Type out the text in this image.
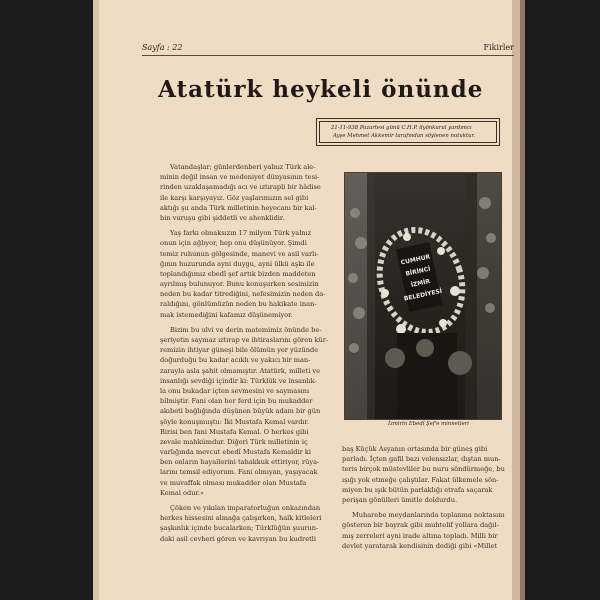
Sayfa : 22	Fikirler
Atatürk heykeli önünde
21-11-938 Pazartesi günü C.H.P. ilyönkurul yardımcı
Ayşe Mehmet Akkemir tarafından söylenen nutuktur.

Vatandaşlar; günlerdenberi yalnız Türk ale-
minin değil insan ve medeniyet dünyasının tesi-
rinden uzaklaşamadığı acı ve ıztırapli bir hâdise
ile karşı karşıyayız. Göz yaşlarımızın sel gibi
aktığı şu anda Türk milletinin heyecanı bir kal-
bin vuruşu gibi şiddetli ve ahenklidir.

Yaş farkı olmaksızın 17 milyon Türk yalnız
onun için ağlıyor, hep onu düşünüyor. Şimdi
temiz ruhunun gölgesinde, manevi ve asil varlı-
ğının huzurunda ayni duygu, ayni ülkü aşkı ile
toplandığımız ebedî şef artık bizden maddeten
ayrılmış bulunuyor. Bunu konuşurken sesimizin
neden bu kadar titrediğini, nefesimizin neden da-
raldığını, gönlümüzün neden bu hakikate inan-
mak istemediğini kafamız düşünemiyor.

Bizim bu ulvi ve derin matemimiz önünde be-
şeriyetin saymaz ıztırap ve ihtiraslarını gören kür-
remizin ihtiyar güneşi bile ölümün yer yüzünde
doğurduğu bu kadar acıklı ve yakıcı bir man-
zarayla asla şahit olmamıştır. Atatürk, milleti ve
insanlığı sevdiği içindir ki: Türklük ve insanlık-
la onu bukadar içten sevmesini ve saymasını
bilmiştir. Fani olan her ferd için bu mukadder
akıbeti bağlığında düşünen büyük adam bir gün
şöyle konuşmuştu: İki Mustafa Kemal vardır.
Birisi ben fani Mustafa Kemal. O herkes gibi
zevale mahkûmdur. Diğeri Türk milletinin iç
varlığında mevcut ebedî Mustafa Kemaldir ki
ben onların hayallerini tahakkuk ettiriyor, rüya-
larını temsil ediyorum. Fani olmıyan, yaşıyacak
ve muvaffak olması mukadder olan Mustafa
Kemal odur.»

Çöken ve yıkılan imparatorluğun enkazından
herkes hissesini almağa çalışırken, halk kitleleri
şaşkınlık içinde bucalarken; Türklüğün şuurun-
daki asil cevheri gören ve kavrıyan bu kudretli

CUMHUR
BİRİNCİ
İZMİR
BELEDİYESİ
İzmirin Ebedî Şef'e minnetleri

baş Küçük Asyanın ortasında bir güneş gibi
parladı. İçten gafil bazı velensızlar, dıştan mun-
teris birçok müstevliler bu nuru söndürmeğe, bu
ışığı yok etmeğe çalıştılar. Fakat ülkemele sön-
miyen bu ışık bütün parlaklığı etrafa saçarak
perişan gönülleri ümitle doldurdu.

Muharebe meydanlarında toplanma noktasını
gösteren bir bayrak gibi muhtelif yollara dağıl-
mış zerreleri ayni irade altına topladı. Milli bir
devlet yaratarak kendisinin dediği gibi «Millet
